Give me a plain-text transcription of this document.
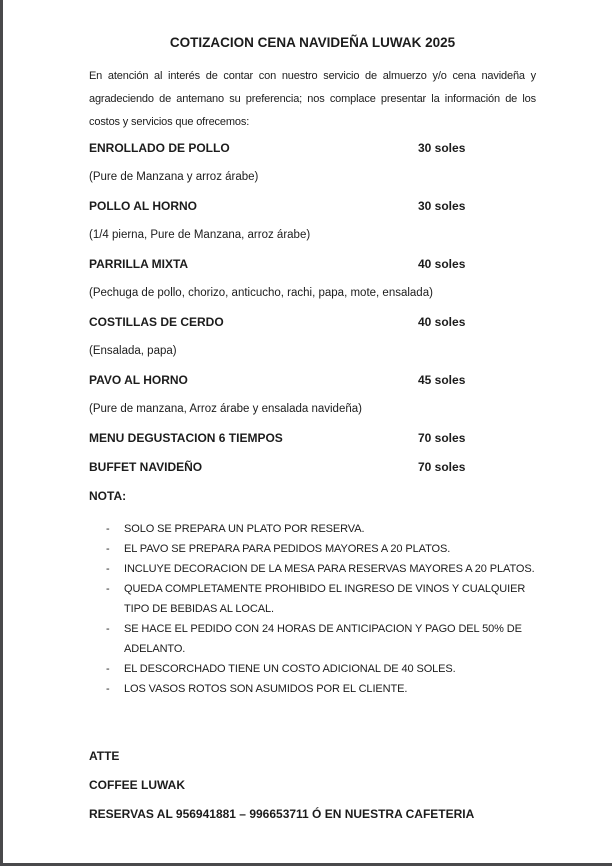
COTIZACION CENA NAVIDEÑA LUWAK 2025
En atención al interés de contar con nuestro servicio de almuerzo y/o cena navideña y agradeciendo de antemano su preferencia; nos complace presentar la información de los costos y servicios que ofrecemos:
ENROLLADO DE POLLO	30 soles
(Pure de Manzana y arroz árabe)
POLLO AL HORNO	30 soles
(1/4 pierna, Pure de Manzana, arroz árabe)
PARRILLA MIXTA	40 soles
(Pechuga de pollo, chorizo, anticucho, rachi, papa, mote, ensalada)
COSTILLAS DE CERDO	40 soles
(Ensalada, papa)
PAVO AL HORNO	45 soles
(Pure de manzana, Arroz árabe y ensalada navideña)
MENU DEGUSTACION 6 TIEMPOS	70 soles
BUFFET NAVIDEÑO	70 soles
NOTA:
-	SOLO SE PREPARA UN PLATO POR RESERVA.
-	EL PAVO SE PREPARA PARA PEDIDOS MAYORES A 20 PLATOS.
-	INCLUYE DECORACION DE LA MESA PARA RESERVAS MAYORES A 20 PLATOS.
-	QUEDA COMPLETAMENTE PROHIBIDO EL INGRESO DE VINOS Y CUALQUIER TIPO DE BEBIDAS AL LOCAL.
-	SE HACE EL PEDIDO CON 24 HORAS DE ANTICIPACION Y PAGO DEL 50% DE ADELANTO.
-	EL DESCORCHADO TIENE UN COSTO ADICIONAL DE 40 SOLES.
-	LOS VASOS ROTOS SON ASUMIDOS POR EL CLIENTE.
ATTE
COFFEE LUWAK
RESERVAS AL 956941881 – 996653711 Ó EN NUESTRA CAFETERIA
